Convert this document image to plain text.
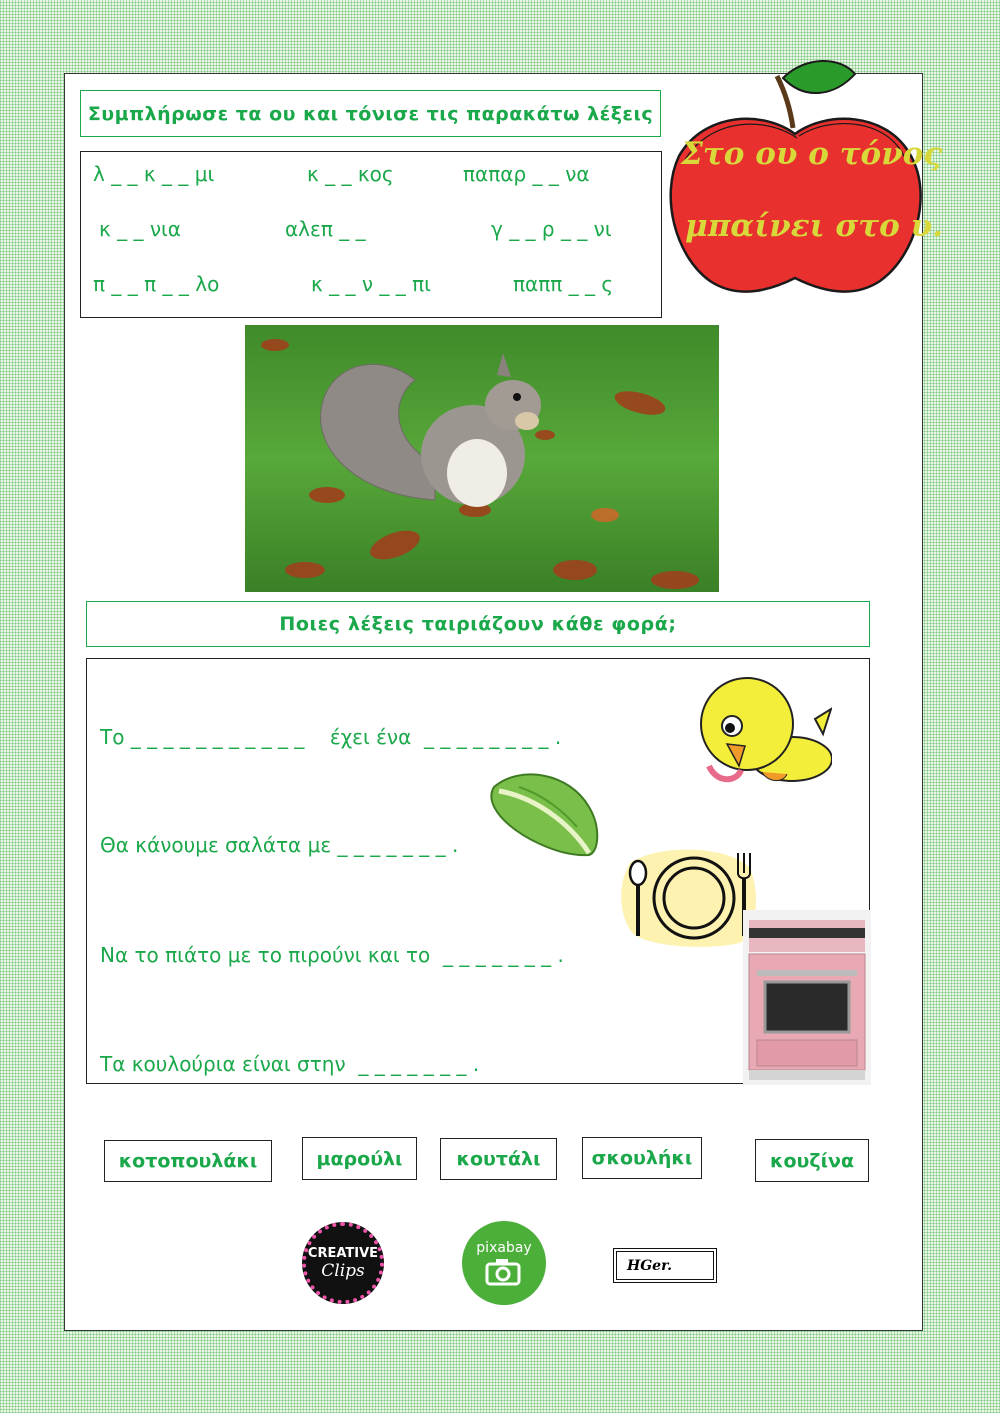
Συμπλήρωσε τα ου και τόνισε τις παρακάτω λέξεις
λ _ _ κ _ _ μι	κ _ _ κος	παπαρ _ _ να
κ _ _ νια	αλεπ _ _	γ _ _ ρ _ _ νι
π _ _ π _ _ λο	κ _ _ ν _ _ πι	παππ _ _ ς
Στο ου ο τόνος
μπαίνει στο υ.
Ποιες λέξεις ταιριάζουν κάθε φορά;
Το _ _ _ _ _ _ _ _ _ _ _    έχει ένα  _ _ _ _ _ _ _ _ .
Θα κάνουμε σαλάτα με _ _ _ _ _ _ _ .
Να το πιάτο με το πιρούνι και το  _ _ _ _ _ _ _ .
Τα κουλούρια είναι στην  _ _ _ _ _ _ _ .
κοτοπουλάκι	μαρούλι	κουτάλι	σκουλήκι	κουζίνα
CREATIVE
Clips
pixabay
HGer.
